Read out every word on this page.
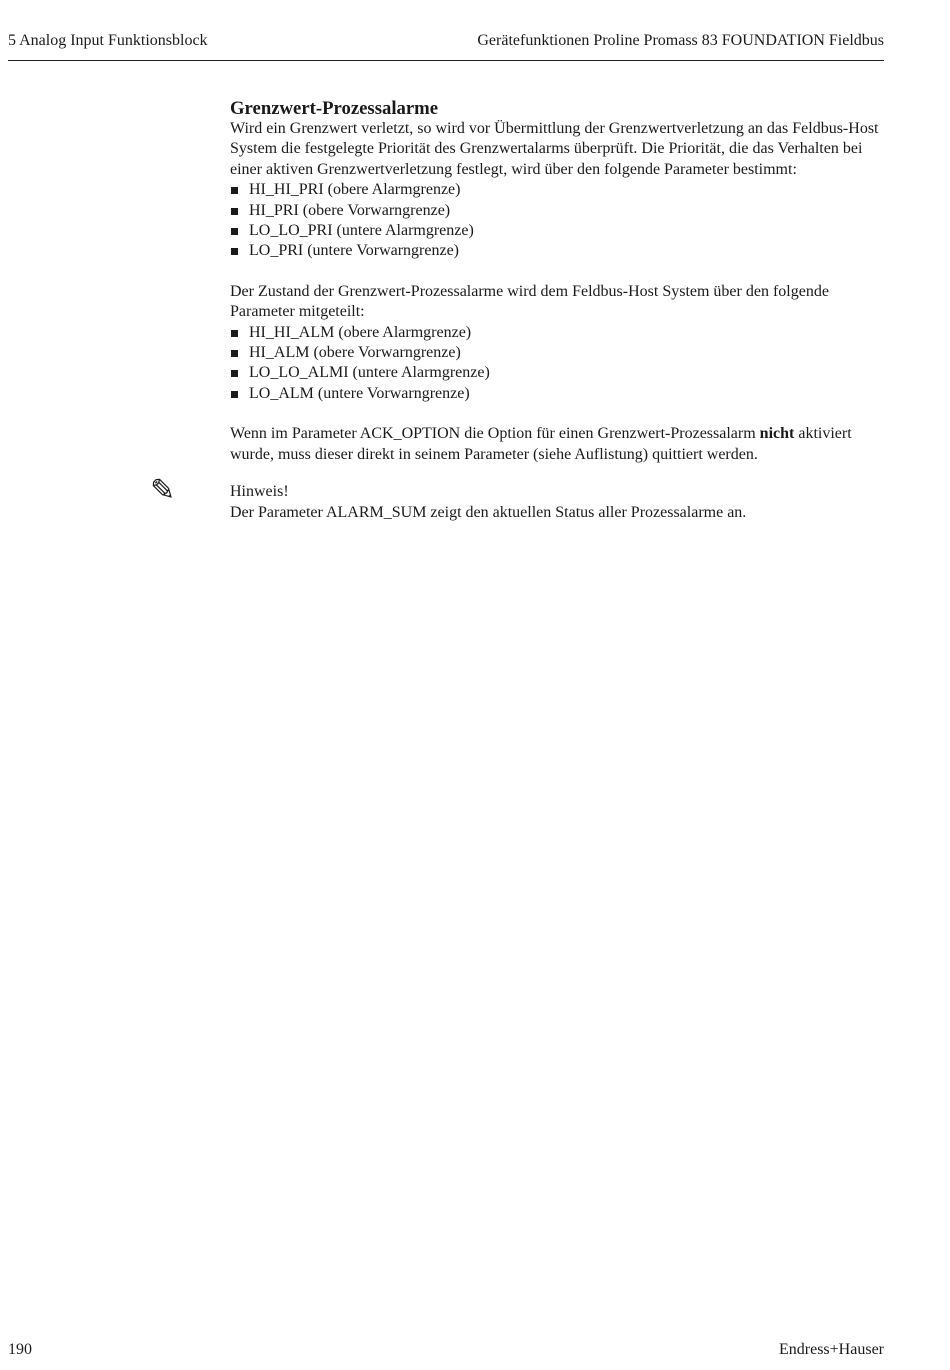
5 Analog Input Funktionsblock	Gerätefunktionen Proline Promass 83 FOUNDATION Fieldbus
Grenzwert-Prozessalarme

Wird ein Grenzwert verletzt, so wird vor Übermittlung der Grenzwertverletzung an das Feldbus-Host System die festgelegte Priorität des Grenzwertalarms überprüft. Die Priorität, die das Verhalten bei einer aktiven Grenzwertverletzung festlegt, wird über den folgende Parameter bestimmt:

HI_HI_PRI (obere Alarmgrenze)
HI_PRI (obere Vorwarngrenze)
LO_LO_PRI (untere Alarmgrenze)
LO_PRI (untere Vorwarngrenze)

Der Zustand der Grenzwert-Prozessalarme wird dem Feldbus-Host System über den folgende Parameter mitgeteilt:

HI_HI_ALM (obere Alarmgrenze)
HI_ALM (obere Vorwarngrenze)
LO_LO_ALMI (untere Alarmgrenze)
LO_ALM (untere Vorwarngrenze)

Wenn im Parameter ACK_OPTION die Option für einen Grenzwert-Prozessalarm nicht aktiviert wurde, muss dieser direkt in seinem Parameter (siehe Auflistung) quittiert werden.

✎	Hinweis!

Der Parameter ALARM_SUM zeigt den aktuellen Status aller Prozessalarme an.

190	Endress+Hauser
